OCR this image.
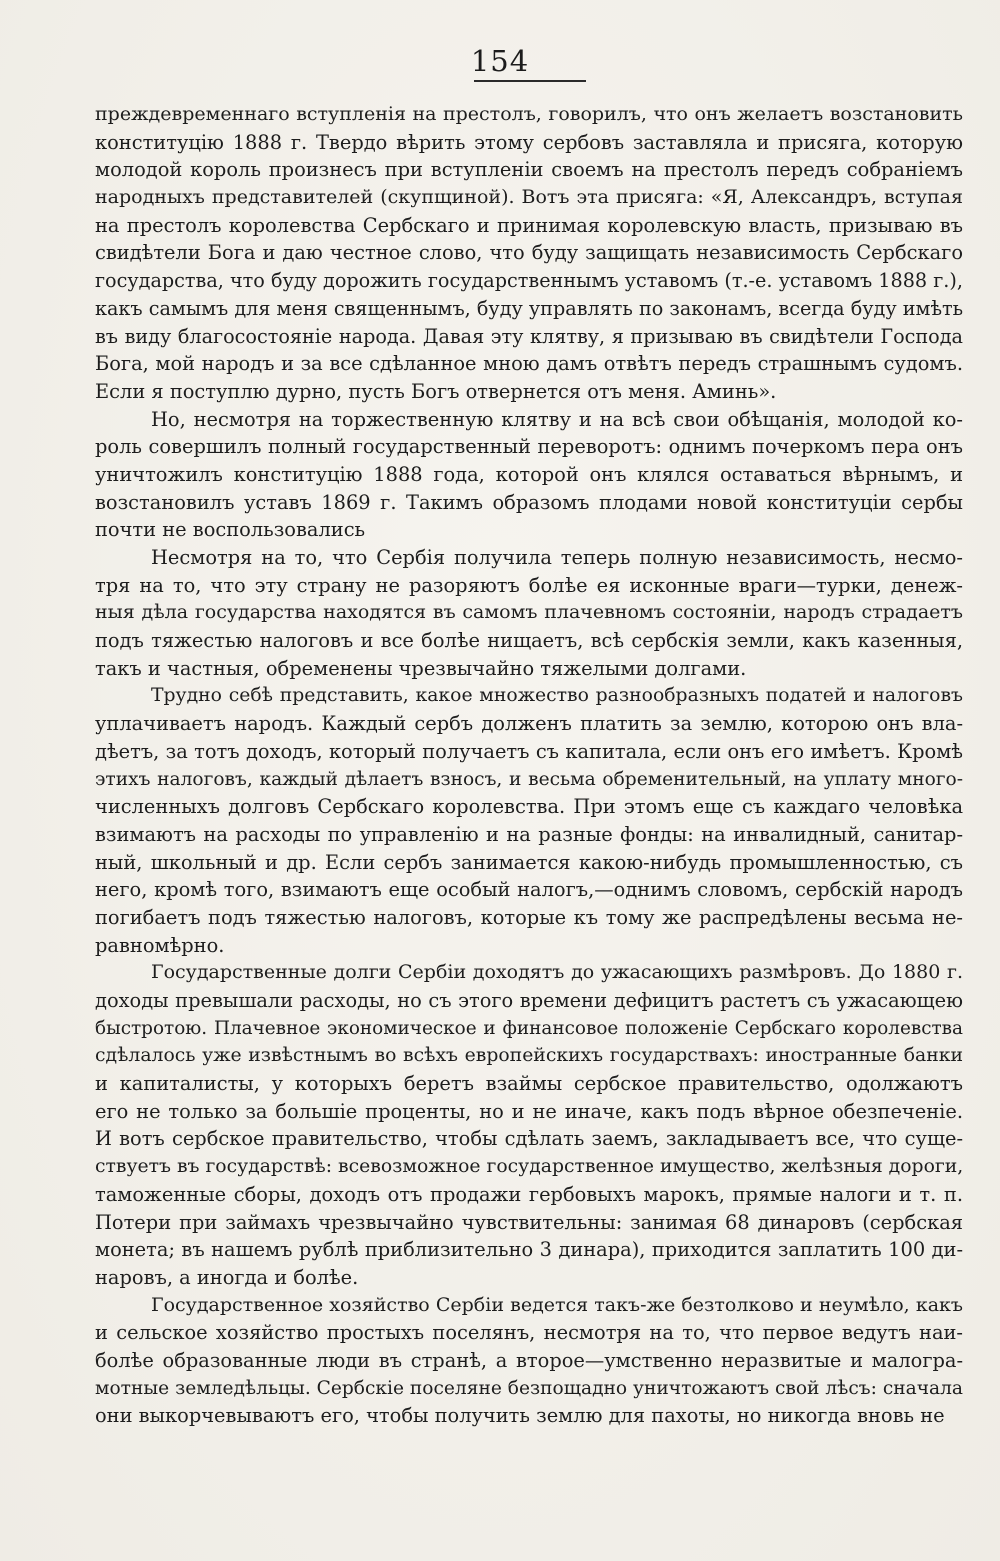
154
преждевременнаго вступленія на престолъ, говорилъ, что онъ желаетъ возстановить
конституцію 1888 г. Твердо вѣрить этому сербовъ заставляла и присяга, которую
молодой король произнесъ при вступленіи своемъ на престолъ передъ собраніемъ
народныхъ представителей (скупщиной). Вотъ эта присяга: «Я, Александръ, вступая
на престолъ королевства Сербскаго и принимая королевскую власть, призываю въ
свидѣтели Бога и даю честное слово, что буду защищать независимость Сербскаго
государства, что буду дорожить государственнымъ уставомъ (т.-е. уставомъ 1888 г.),
какъ самымъ для меня священнымъ, буду управлять по законамъ, всегда буду имѣть
въ виду благосостояніе народа. Давая эту клятву, я призываю въ свидѣтели Господа
Бога, мой народъ и за все сдѣланное мною дамъ отвѣтъ передъ страшнымъ судомъ.
Если я поступлю дурно, пусть Богъ отвернется отъ меня. Аминь».
Но, несмотря на торжественную клятву и на всѣ свои обѣщанія, молодой ко-
роль совершилъ полный государственный переворотъ: однимъ почеркомъ пера онъ
уничтожилъ конституцію 1888 года, которой онъ клялся оставаться вѣрнымъ, и
возстановилъ уставъ 1869 г. Такимъ образомъ плодами новой конституціи сербы
почти не воспользовались
Несмотря на то, что Сербія получила теперь полную независимость, несмо-
тря на то, что эту страну не разоряютъ болѣе ея исконные враги—турки, денеж-
ныя дѣла государства находятся въ самомъ плачевномъ состояніи, народъ страдаетъ
подъ тяжестью налоговъ и все болѣе нищаетъ, всѣ сербскія земли, какъ казенныя,
такъ и частныя, обременены чрезвычайно тяжелыми долгами.
Трудно себѣ представить, какое множество разнообразныхъ податей и налоговъ
уплачиваетъ народъ. Каждый сербъ долженъ платить за землю, которою онъ вла-
дѣетъ, за тотъ доходъ, который получаетъ съ капитала, если онъ его имѣетъ. Кромѣ
этихъ налоговъ, каждый дѣлаетъ взносъ, и весьма обременительный, на уплату много-
численныхъ долговъ Сербскаго королевства. При этомъ еще съ каждаго человѣка
взимаютъ на расходы по управленію и на разные фонды: на инвалидный, санитар-
ный, школьный и др. Если сербъ занимается какою-нибудь промышленностью, съ
него, кромѣ того, взимаютъ еще особый налогъ,—однимъ словомъ, сербскій народъ
погибаетъ подъ тяжестью налоговъ, которые къ тому же распредѣлены весьма не-
равномѣрно.
Государственные долги Сербіи доходятъ до ужасающихъ размѣровъ. До 1880 г.
доходы превышали расходы, но съ этого времени дефицитъ растетъ съ ужасающею
быстротою. Плачевное экономическое и финансовое положеніе Сербскаго королевства
сдѣлалось уже извѣстнымъ во всѣхъ европейскихъ государствахъ: иностранные банки
и капиталисты, у которыхъ беретъ взаймы сербское правительство, одолжаютъ
его не только за большіе проценты, но и не иначе, какъ подъ вѣрное обезпеченіе.
И вотъ сербское правительство, чтобы сдѣлать заемъ, закладываетъ все, что суще-
ствуетъ въ государствѣ: всевозможное государственное имущество, желѣзныя дороги,
таможенные сборы, доходъ отъ продажи гербовыхъ марокъ, прямые налоги и т. п.
Потери при займахъ чрезвычайно чувствительны: занимая 68 динаровъ (сербская
монета; въ нашемъ рублѣ приблизительно 3 динара), приходится заплатить 100 ди-
наровъ, а иногда и болѣе.
Государственное хозяйство Сербіи ведется такъ-же безтолково и неумѣло, какъ
и сельское хозяйство простыхъ поселянъ, несмотря на то, что первое ведутъ наи-
болѣе образованные люди въ странѣ, а второе—умственно неразвитые и малогра-
мотные земледѣльцы. Сербскіе поселяне безпощадно уничтожаютъ свой лѣсъ: сначала
они выкорчевываютъ его, чтобы получить землю для пахоты, но никогда вновь не
